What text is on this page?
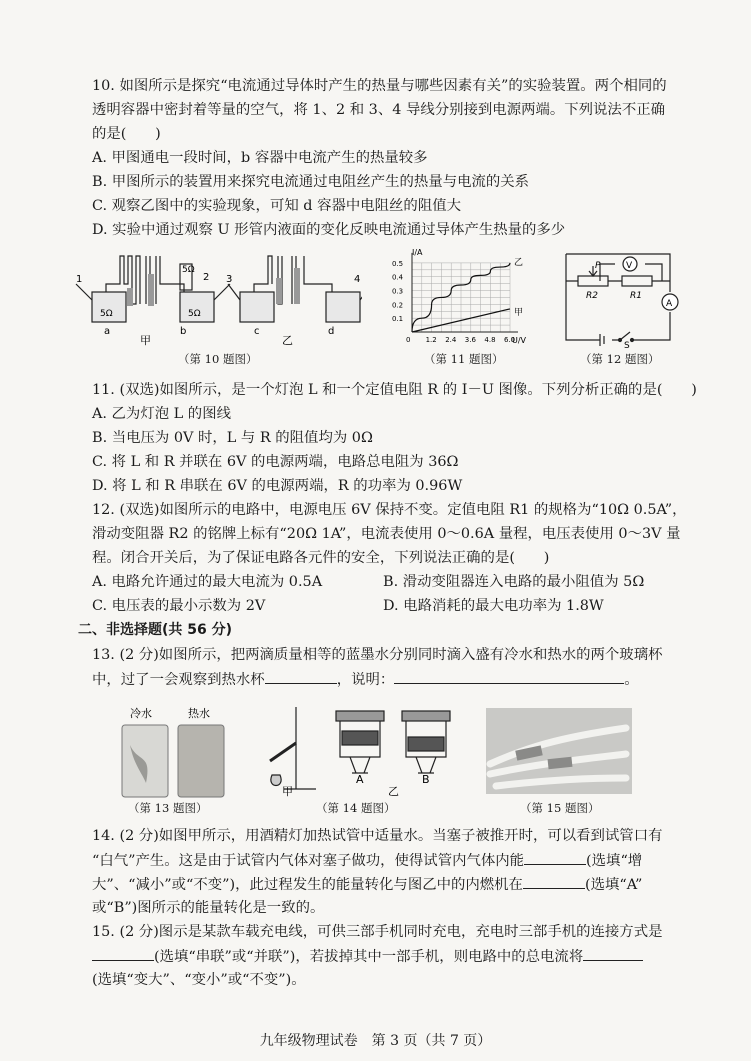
10. 如图所示是探究“电流通过导体时产生的热量与哪些因素有关”的实验装置。两个相同的
透明容器中密封着等量的空气，将 1、2 和 3、4 导线分别接到电源两端。下列说法不正确
的是(　　)
A. 甲图通电一段时间，b 容器中电流产生的热量较多
B. 甲图所示的装置用来探究电流通过电阻丝产生的热量与电流的关系
C. 观察乙图中的实验现象，可知 d 容器中电阻丝的阻值大
D. 实验中通过观察 U 形管内液面的变化反映电流通过导体产生热量的多少
1	2
5Ω
5Ω	5Ω
a	b
甲
3	4
c	d
乙
（第 10 题图）
I/A
U/V
0 1.2 2.4 3.6 4.8 6.0
0.5
0.4
0.3
0.2
0.1
乙
甲
（第 11 题图）
P
R2	R1
V
A
S
（第 12 题图）
11. (双选)如图所示，是一个灯泡 L 和一个定值电阻 R 的 I－U 图像。下列分析正确的是(　　)
A. 乙为灯泡 L 的图线
B. 当电压为 0V 时，L 与 R 的阻值均为 0Ω
C. 将 L 和 R 并联在 6V 的电源两端，电路总电阻为 36Ω
D. 将 L 和 R 串联在 6V 的电源两端，R 的功率为 0.96W
12. (双选)如图所示的电路中，电源电压 6V 保持不变。定值电阻 R1 的规格为“10Ω 0.5A”，
滑动变阻器 R2 的铭牌上标有“20Ω 1A”，电流表使用 0～0.6A 量程，电压表使用 0～3V 量
程。闭合开关后，为了保证电路各元件的安全，下列说法正确的是(　　)
A. 电路允许通过的最大电流为 0.5A	B. 滑动变阻器连入电路的最小阻值为 5Ω
C. 电压表的最小示数为 2V	D. 电路消耗的最大电功率为 1.8W
二、非选择题(共 56 分)
13. (2 分)如图所示，把两滴质量相等的蓝墨水分别同时滴入盛有冷水和热水的两个玻璃杯
中，过了一会观察到热水杯	，说明：	。
冷水	热水
（第 13 题图）
甲
A
乙
B
（第 14 题图）	（第 15 题图）
14. (2 分)如图甲所示，用酒精灯加热试管中适量水。当塞子被推开时，可以看到试管口有
“白气”产生。这是由于试管内气体对塞子做功，使得试管内气体内能	(选填“增
大”、“减小”或“不变”)，此过程发生的能量转化与图乙中的内燃机在	(选填“A”
或“B”)图所示的能量转化是一致的。
15. (2 分)图示是某款车载充电线，可供三部手机同时充电，充电时三部手机的连接方式是
(选填“串联”或“并联”)，若拔掉其中一部手机，则电路中的总电流将
(选填“变大”、“变小”或“不变”)。
九年级物理试卷　第 3 页（共 7 页）
